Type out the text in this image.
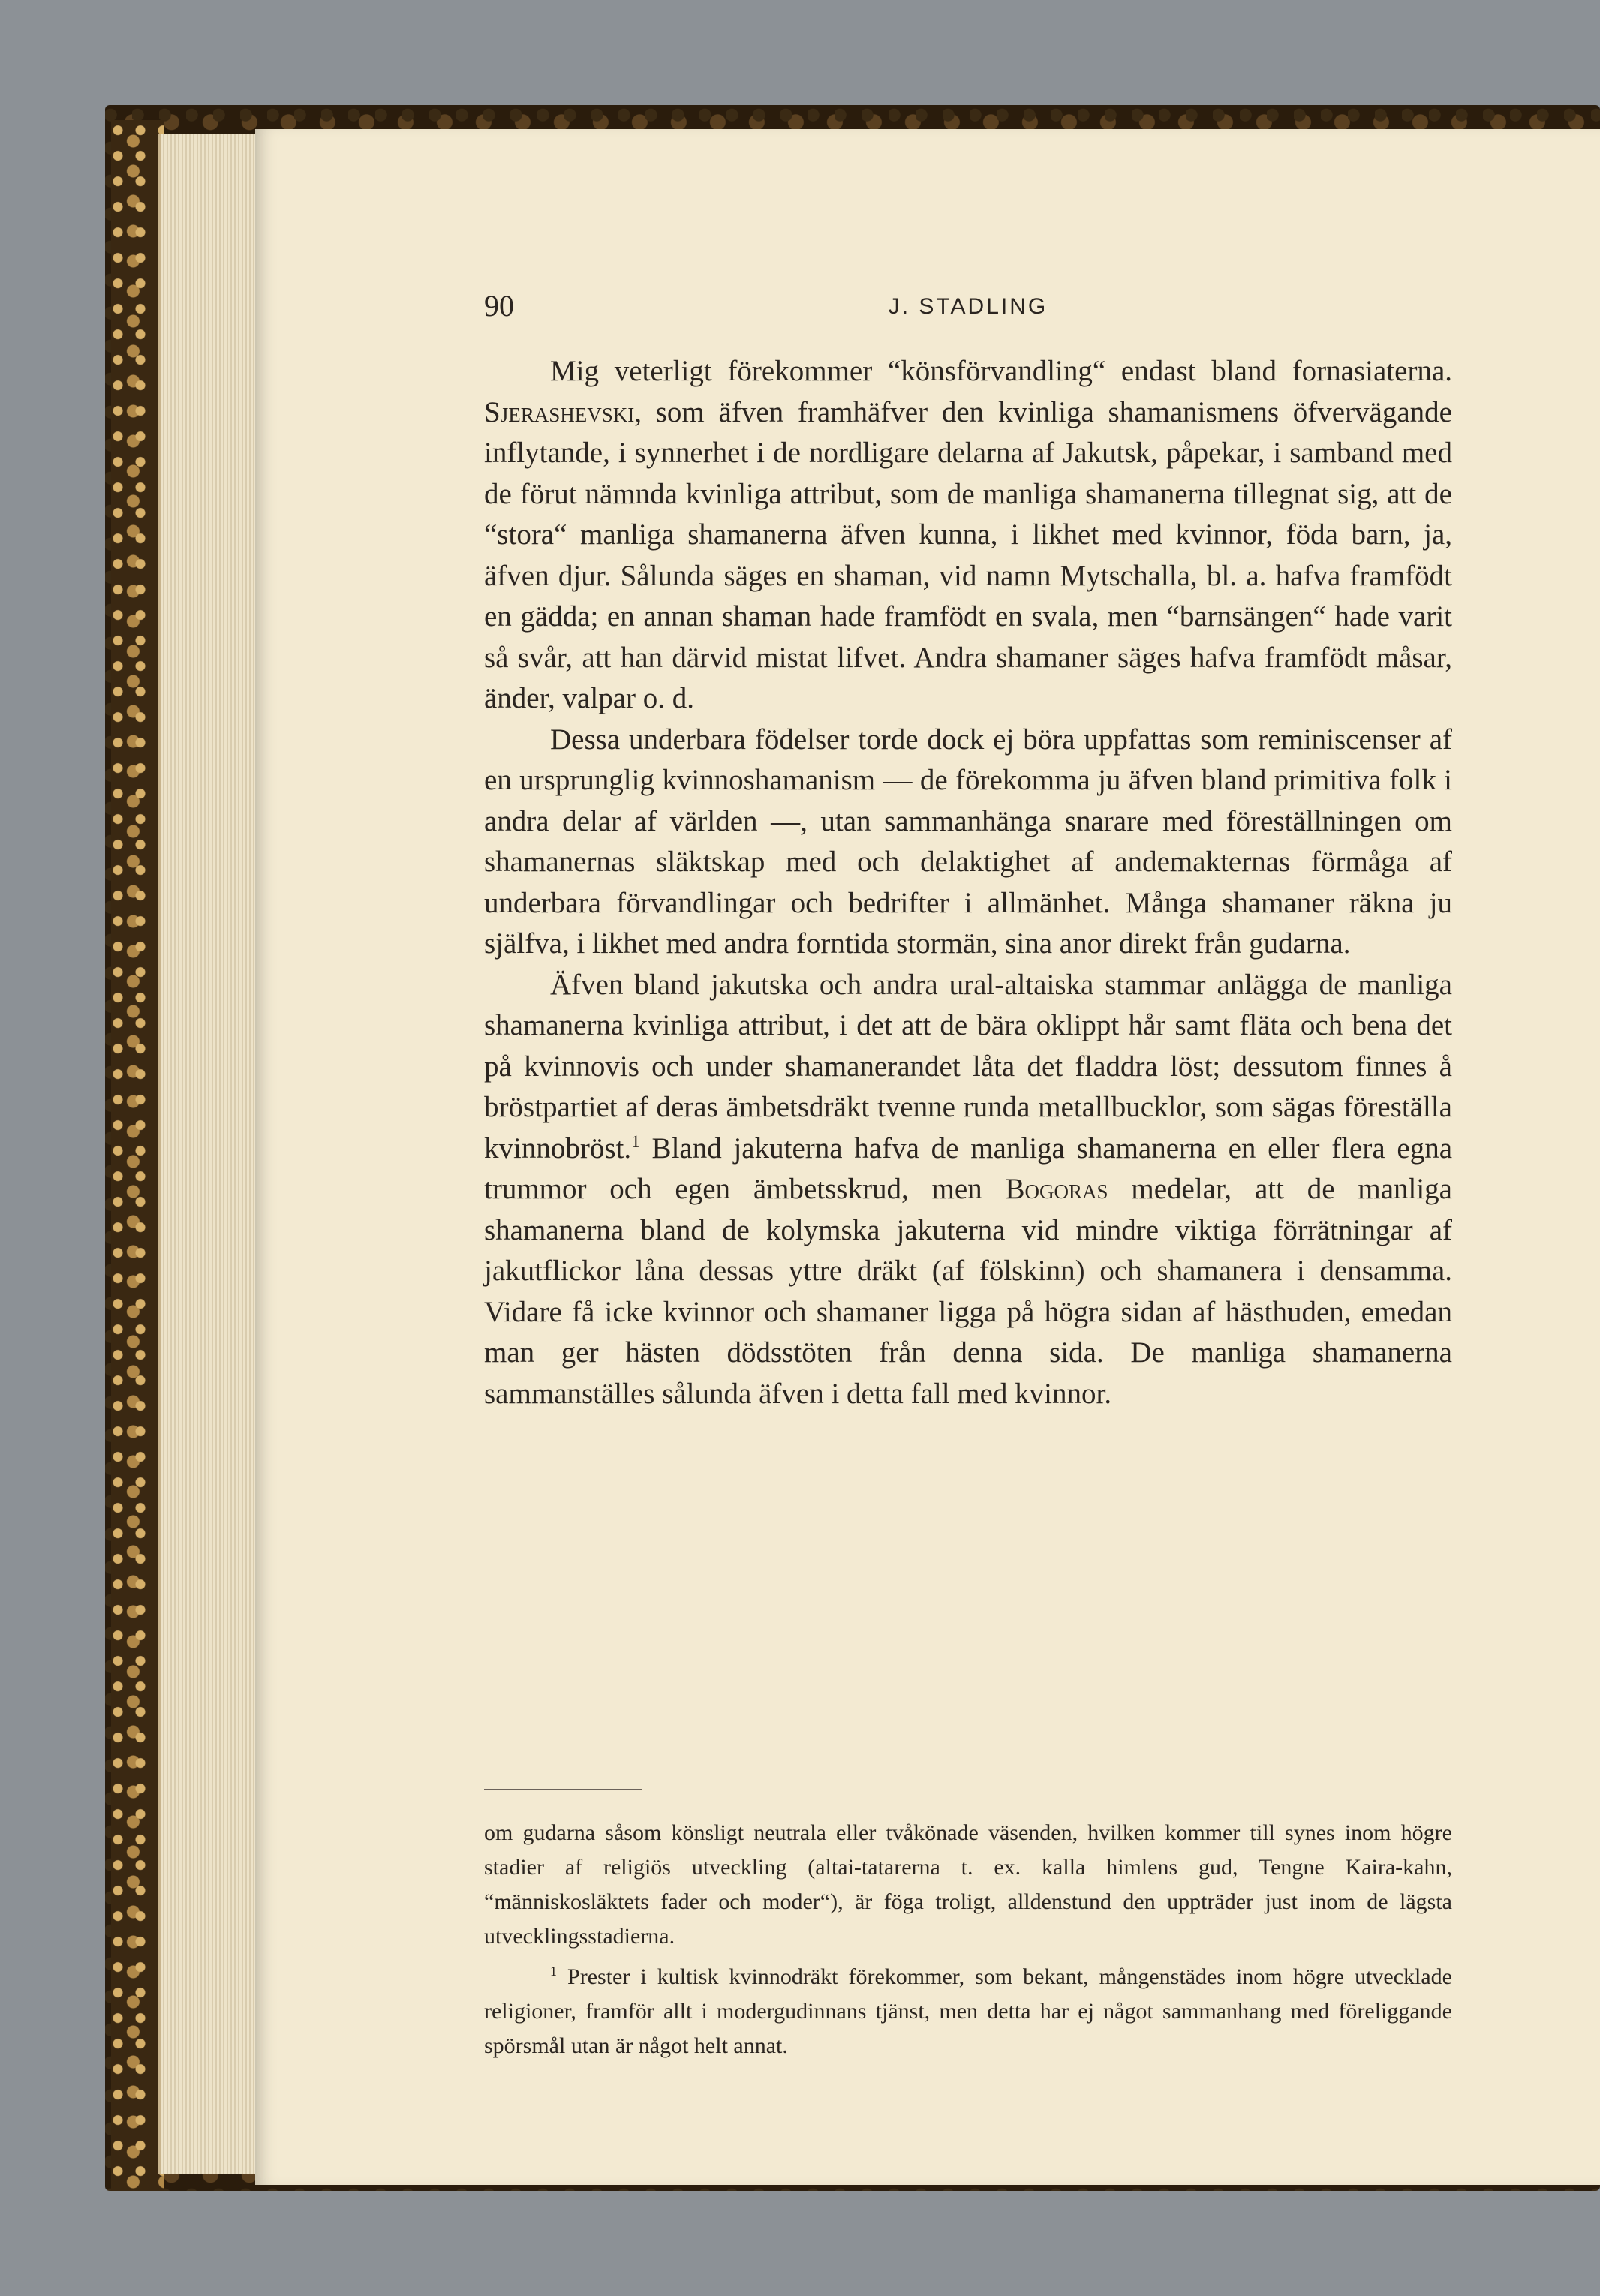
90	J. STADLING

Mig veterligt förekommer “könsförvandling“ endast bland fornasiaterna. Sjerashevski, som äfven framhäfver den kvinliga shamanismens öfvervägande inflytande, i synnerhet i de nordligare delarna af Jakutsk, påpekar, i samband med de förut nämnda kvinliga attribut, som de manliga shamanerna tillegnat sig, att de “stora“ manliga shamanerna äfven kunna, i likhet med kvinnor, föda barn, ja, äfven djur. Sålunda säges en shaman, vid namn Mytschalla, bl. a. hafva framfödt en gädda; en annan shaman hade framfödt en svala, men “barnsängen“ hade varit så svår, att han därvid mistat lifvet. Andra shamaner säges hafva framfödt måsar, änder, valpar o. d.

Dessa underbara födelser torde dock ej böra uppfattas som reminiscenser af en ursprunglig kvinnoshamanism — de förekomma ju äfven bland primitiva folk i andra delar af världen —, utan sammanhänga snarare med föreställningen om shamanernas släktskap med och delaktighet af andemakternas förmåga af underbara förvandlingar och bedrifter i allmänhet. Många shamaner räkna ju själfva, i likhet med andra forntida stormän, sina anor direkt från gudarna.

Äfven bland jakutska och andra ural-altaiska stammar anlägga de manliga shamanerna kvinliga attribut, i det att de bära oklippt hår samt fläta och bena det på kvinnovis och under shamanerandet låta det fladdra löst; dessutom finnes å bröstpartiet af deras ämbetsdräkt tvenne runda metallbucklor, som sägas föreställa kvinnobröst.$^1$ Bland jakuterna hafva de manliga shamanerna en eller flera egna trummor och egen ämbetsskrud, men Bogoras medelar, att de manliga shamanerna bland de kolymska jakuterna vid mindre viktiga förrätningar af jakutflickor låna dessas yttre dräkt (af fölskinn) och shamanera i densamma. Vidare få icke kvinnor och shamaner ligga på högra sidan af hästhuden, emedan man ger hästen dödsstöten från denna sida. De manliga shamanerna sammanställes sålunda äfven i detta fall med kvinnor.

om gudarna såsom könsligt neutrala eller tvåkönade väsenden, hvilken kommer till synes inom högre stadier af religiös utveckling (altai-tatarerna t. ex. kalla himlens gud, Tengne Kaira-kahn, “människosläktets fader och moder“), är föga troligt, alldenstund den uppträder just inom de lägsta utvecklingsstadierna.

$^1$ Prester i kultisk kvinnodräkt förekommer, som bekant, mångenstädes inom högre utvecklade religioner, framför allt i modergudinnans tjänst, men detta har ej något sammanhang med föreliggande spörsmål utan är något helt annat.
